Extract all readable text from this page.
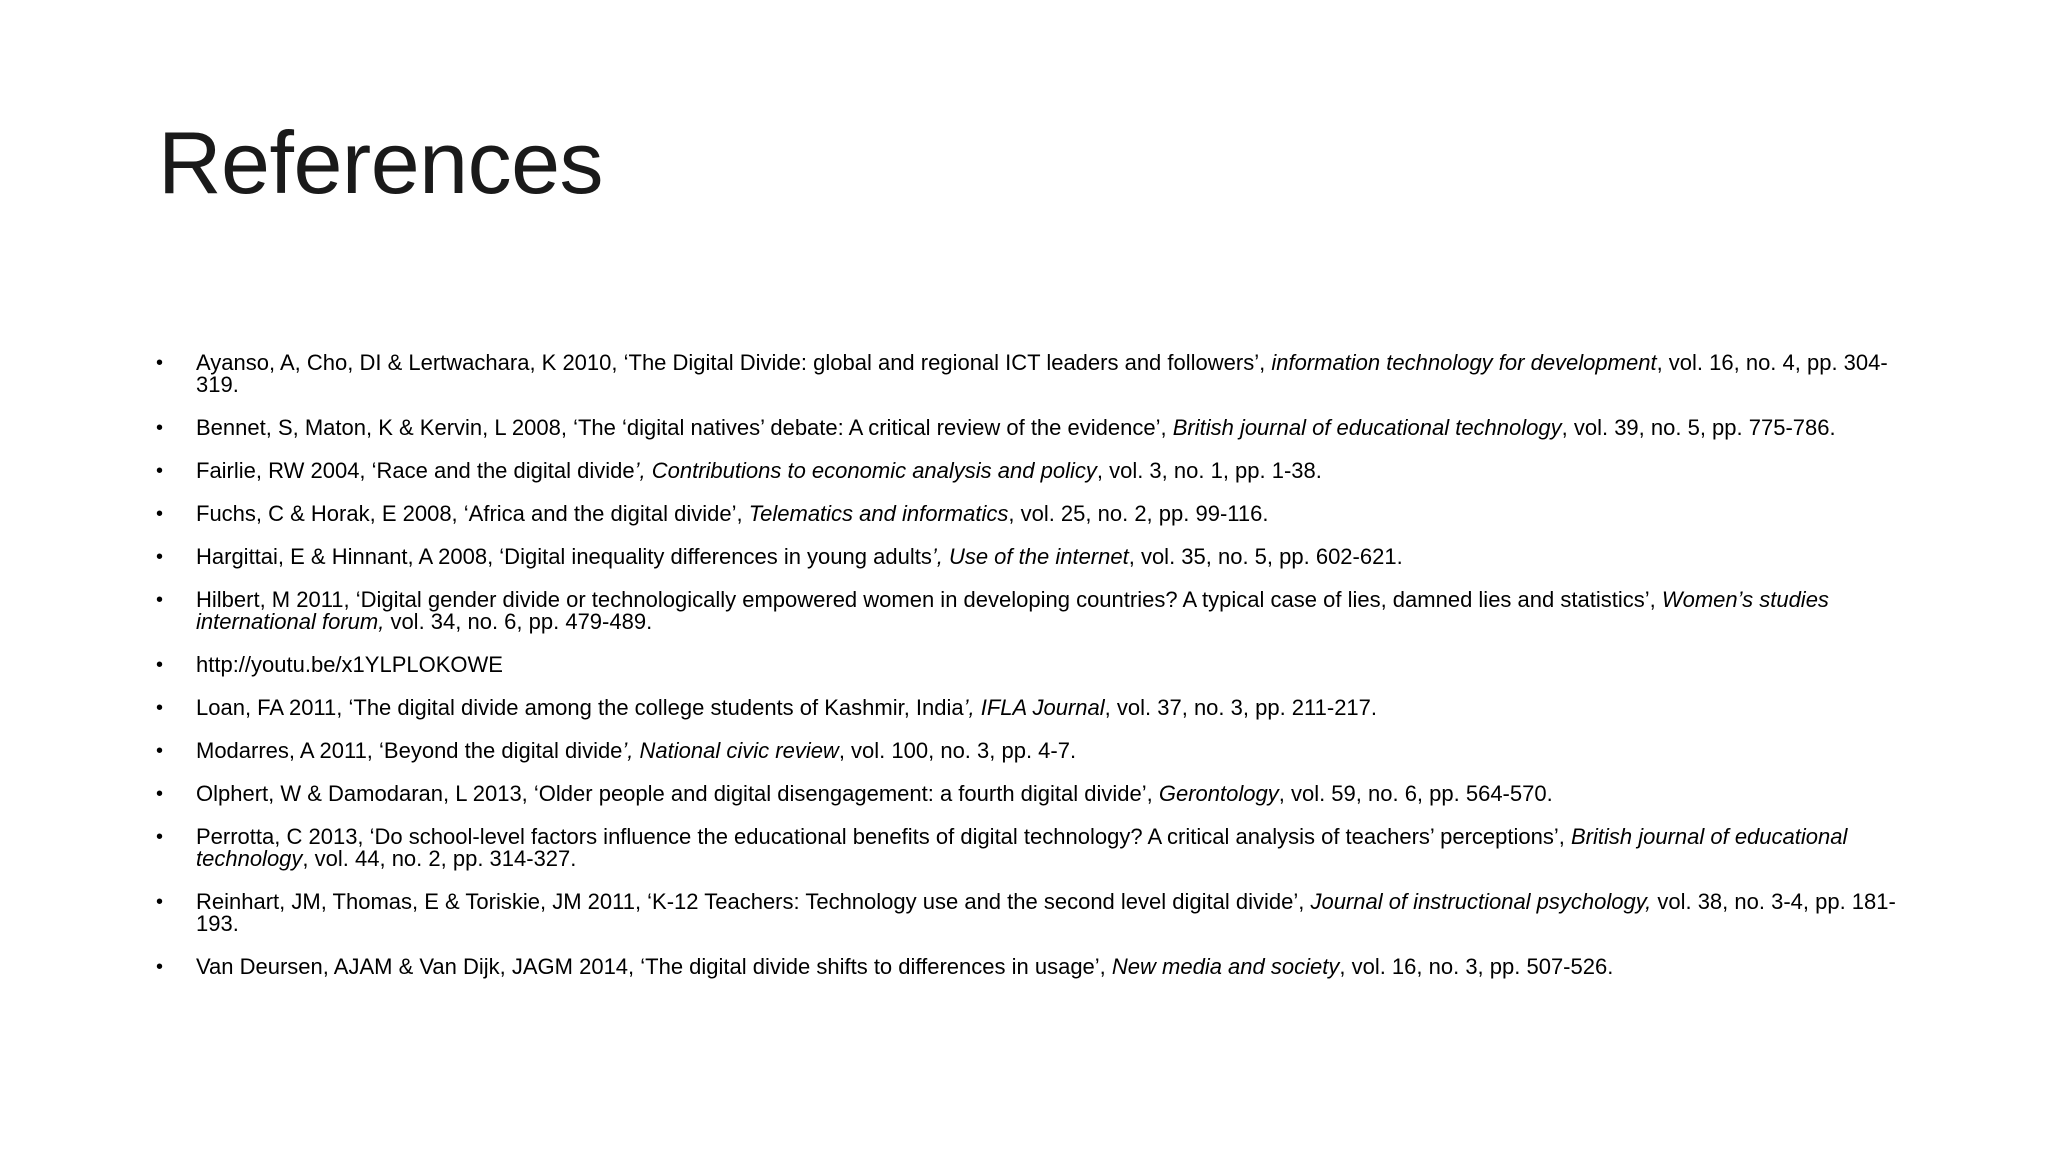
References
• Ayanso, A, Cho, DI & Lertwachara, K 2010, ‘The Digital Divide: global and regional ICT leaders and followers’, information technology for development, vol. 16, no. 4, pp. 304-319.
• Bennet, S, Maton, K & Kervin, L 2008, ‘The ‘digital natives’ debate: A critical review of the evidence’, British journal of educational technology, vol. 39, no. 5, pp. 775-786.
• Fairlie, RW 2004, ‘Race and the digital divide’, Contributions to economic analysis and policy, vol. 3, no. 1, pp. 1-38.
• Fuchs, C & Horak, E 2008, ‘Africa and the digital divide’, Telematics and informatics, vol. 25, no. 2, pp. 99-116.
• Hargittai, E & Hinnant, A 2008, ‘Digital inequality differences in young adults’, Use of the internet, vol. 35, no. 5, pp. 602-621.
• Hilbert, M 2011, ‘Digital gender divide or technologically empowered women in developing countries? A typical case of lies, damned lies and statistics’, Women’s studies international forum, vol. 34, no. 6, pp. 479-489.
• http://youtu.be/x1YLPLOKOWE
• Loan, FA 2011, ‘The digital divide among the college students of Kashmir, India’, IFLA Journal, vol. 37, no. 3, pp. 211-217.
• Modarres, A 2011, ‘Beyond the digital divide’, National civic review, vol. 100, no. 3, pp. 4-7.
• Olphert, W & Damodaran, L 2013, ‘Older people and digital disengagement: a fourth digital divide’, Gerontology, vol. 59, no. 6, pp. 564-570.
• Perrotta, C 2013, ‘Do school-level factors influence the educational benefits of digital technology? A critical analysis of teachers’ perceptions’, British journal of educational technology, vol. 44, no. 2, pp. 314-327.
• Reinhart, JM, Thomas, E & Toriskie, JM 2011, ‘K-12 Teachers: Technology use and the second level digital divide’, Journal of instructional psychology, vol. 38, no. 3-4, pp. 181-193.
• Van Deursen, AJAM & Van Dijk, JAGM 2014, ‘The digital divide shifts to differences in usage’, New media and society, vol. 16, no. 3, pp. 507-526.
